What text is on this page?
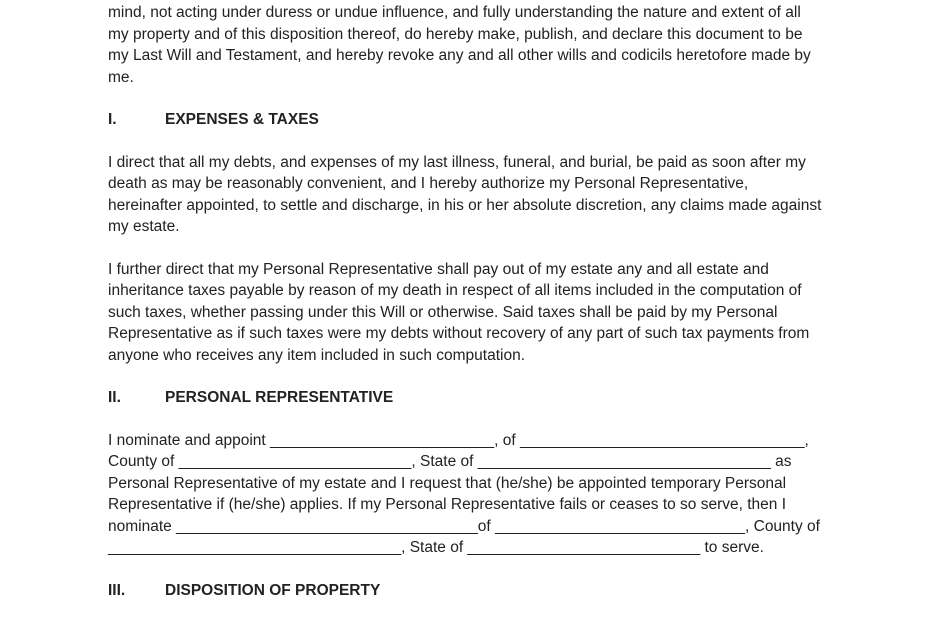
mind, not acting under duress or undue influence, and fully understanding the nature and extent of all my property and of this disposition thereof, do hereby make, publish, and declare this document to be my Last Will and Testament, and hereby revoke any and all other wills and codicils heretofore made by me.

I.	EXPENSES & TAXES

I direct that all my debts, and expenses of my last illness, funeral, and burial, be paid as soon after my death as may be reasonably convenient, and I hereby authorize my Personal Representative, hereinafter appointed, to settle and discharge, in his or her absolute discretion, any claims made against my estate.

I further direct that my Personal Representative shall pay out of my estate any and all estate and inheritance taxes payable by reason of my death in respect of all items included in the computation of such taxes, whether passing under this Will or otherwise. Said taxes shall be paid by my Personal Representative as if such taxes were my debts without recovery of any part of such tax payments from anyone who receives any item included in such computation.

II.	PERSONAL REPRESENTATIVE

I nominate and appoint __________________________, of _________________________________, County of ___________________________, State of __________________________________ as Personal Representative of my estate and I request that (he/she) be appointed temporary Personal Representative if (he/she) applies. If my Personal Representative fails or ceases to so serve, then I nominate ___________________________________of _____________________________, County of __________________________________, State of ___________________________ to serve.

III.	DISPOSITION OF PROPERTY
